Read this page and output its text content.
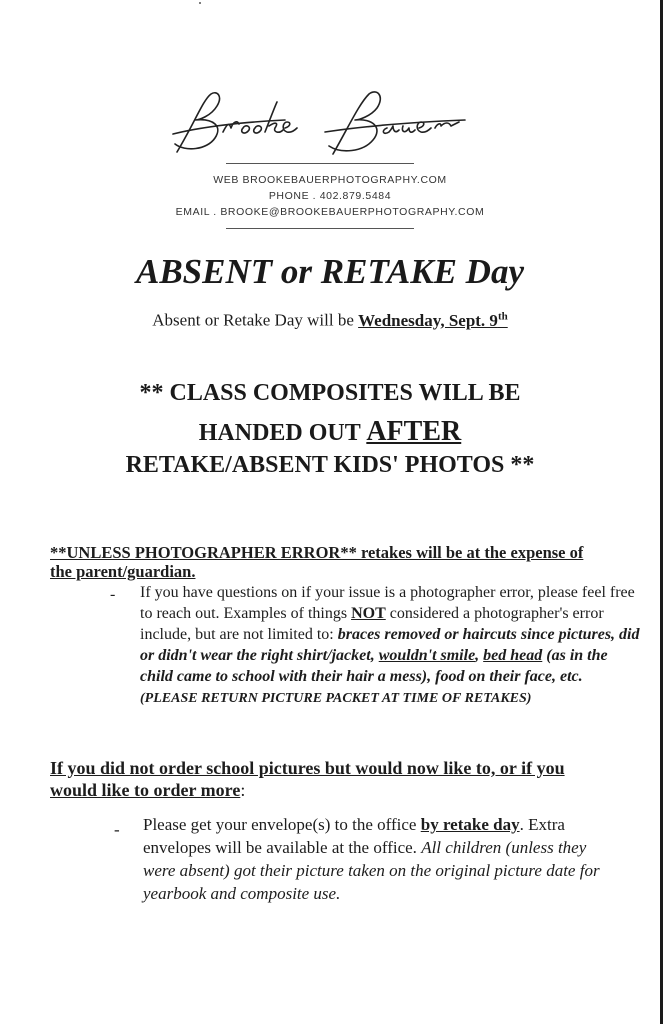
WEB BROOKEBAUERPHOTOGRAPHY.COM
PHONE . 402.879.5484
EMAIL . BROOKE@BROOKEBAUERPHOTOGRAPHY.COM
ABSENT or RETAKE Day
Absent or Retake Day will be Wednesday, Sept. 9th
** CLASS COMPOSITES WILL BE
HANDED OUT AFTER
RETAKE/ABSENT KIDS' PHOTOS **
**UNLESS PHOTOGRAPHER ERROR** retakes will be at the expense of the parent/guardian.
- If you have questions on if your issue is a photographer error, please feel free to reach out. Examples of things NOT considered a photographer's error include, but are not limited to: braces removed or haircuts since pictures, did or didn't wear the right shirt/jacket, wouldn't smile, bed head (as in the child came to school with their hair a mess), food on their face, etc.
(PLEASE RETURN PICTURE PACKET AT TIME OF RETAKES)
If you did not order school pictures but would now like to, or if you would like to order more:
- Please get your envelope(s) to the office by retake day. Extra envelopes will be available at the office. All children (unless they were absent) got their picture taken on the original picture date for yearbook and composite use.
